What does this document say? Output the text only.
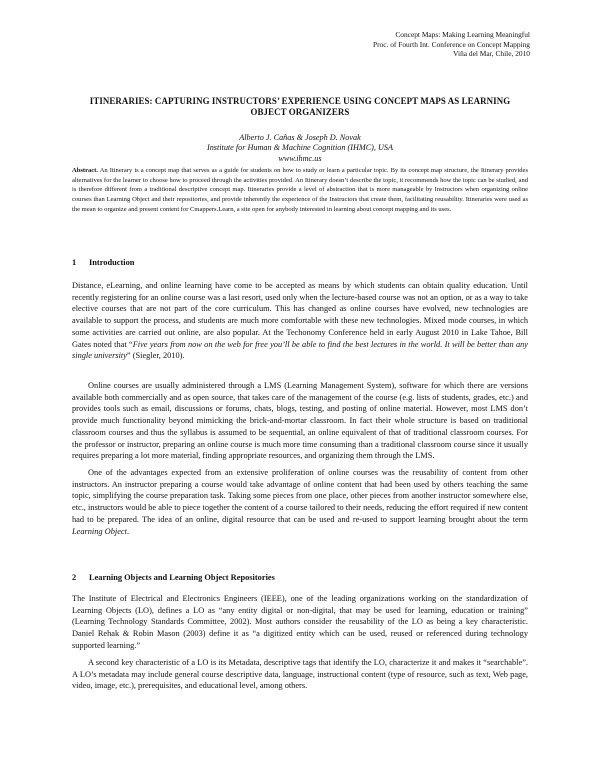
Concept Maps: Making Learning Meaningful
Proc. of Fourth Int. Conference on Concept Mapping
Viña del Mar, Chile, 2010
ITINERARIES: CAPTURING INSTRUCTORS’ EXPERIENCE USING CONCEPT MAPS AS LEARNING
OBJECT ORGANIZERS
Alberto J. Cañas & Joseph D. Novak
Institute for Human & Machine Cognition (IHMC), USA
www.ihmc.us
Abstract. An Itinerary is a concept map that serves as a guide for students on how to study or learn a particular topic. By its concept map structure, the Itinerary provides alternatives for the learner to choose how to proceed through the activities provided. An Itinerary doesn’t describe the topic, it recommends how the topic can be studied, and is therefore different from a traditional descriptive concept map. Itineraries provide a level of abstraction that is more manageable by Instructors when organizing online courses than Learning Object and their repositories, and provide inherently the experience of the Instructors that create them, facilitating reusability. Itineraries were used as the mean to organize and present content for Cmappers.Learn, a site open for anybody interested in learning about concept mapping and its uses.
1 Introduction
Distance, eLearning, and online learning have come to be accepted as means by which students can obtain quality education. Until recently registering for an online course was a last resort, used only when the lecture-based course was not an option, or as a way to take elective courses that are not part of the core curriculum. This has changed as online courses have evolved, new technologies are available to support the process, and students are much more comfortable with these new technologies. Mixed mode courses, in which some activities are carried out online, are also popular. At the Techonomy Conference held in early August 2010 in Lake Tahoe, Bill Gates noted that “Five years from now on the web for free you’ll be able to find the best lectures in the world. It will be better than any single university” (Siegler, 2010).
Online courses are usually administered through a LMS (Learning Management System), software for which there are versions available both commercially and as open source, that takes care of the management of the course (e.g. lists of students, grades, etc.) and provides tools such as email, discussions or forums, chats, blogs, testing, and posting of online material. However, most LMS don’t provide much functionality beyond mimicking the brick-and-mortar classroom. In fact their whole structure is based on traditional classroom courses and thus the syllabus is assumed to be sequential, an online equivalent of that of traditional classroom courses. For the professor or instructor, preparing an online course is much more time consuming than a traditional classroom course since it usually requires preparing a lot more material, finding appropriate resources, and organizing them through the LMS.
One of the advantages expected from an extensive proliferation of online courses was the reusability of content from other instructors. An instructor preparing a course would take advantage of online content that had been used by others teaching the same topic, simplifying the course preparation task. Taking some pieces from one place, other pieces from another instructor somewhere else, etc., instructors would be able to piece together the content of a course tailored to their needs, reducing the effort required if new content had to be prepared. The idea of an online, digital resource that can be used and re-used to support learning brought about the term Learning Object.
2 Learning Objects and Learning Object Repositories
The Institute of Electrical and Electronics Engineers (IEEE), one of the leading organizations working on the standardization of Learning Objects (LO), defines a LO as “any entity digital or non-digital, that may be used for learning, education or training” (Learning Technology Standards Committee, 2002). Most authors consider the reusability of the LO as being a key characteristic. Daniel Rehak & Robin Mason (2003) define it as “a digitized entity which can be used, reused or referenced during technology supported learning.”
A second key characteristic of a LO is its Metadata, descriptive tags that identify the LO, characterize it and makes it “searchable”. A LO’s metadata may include general course descriptive data, language, instructional content (type of resource, such as text, Web page, video, image, etc.), prerequisites, and educational level, among others.
